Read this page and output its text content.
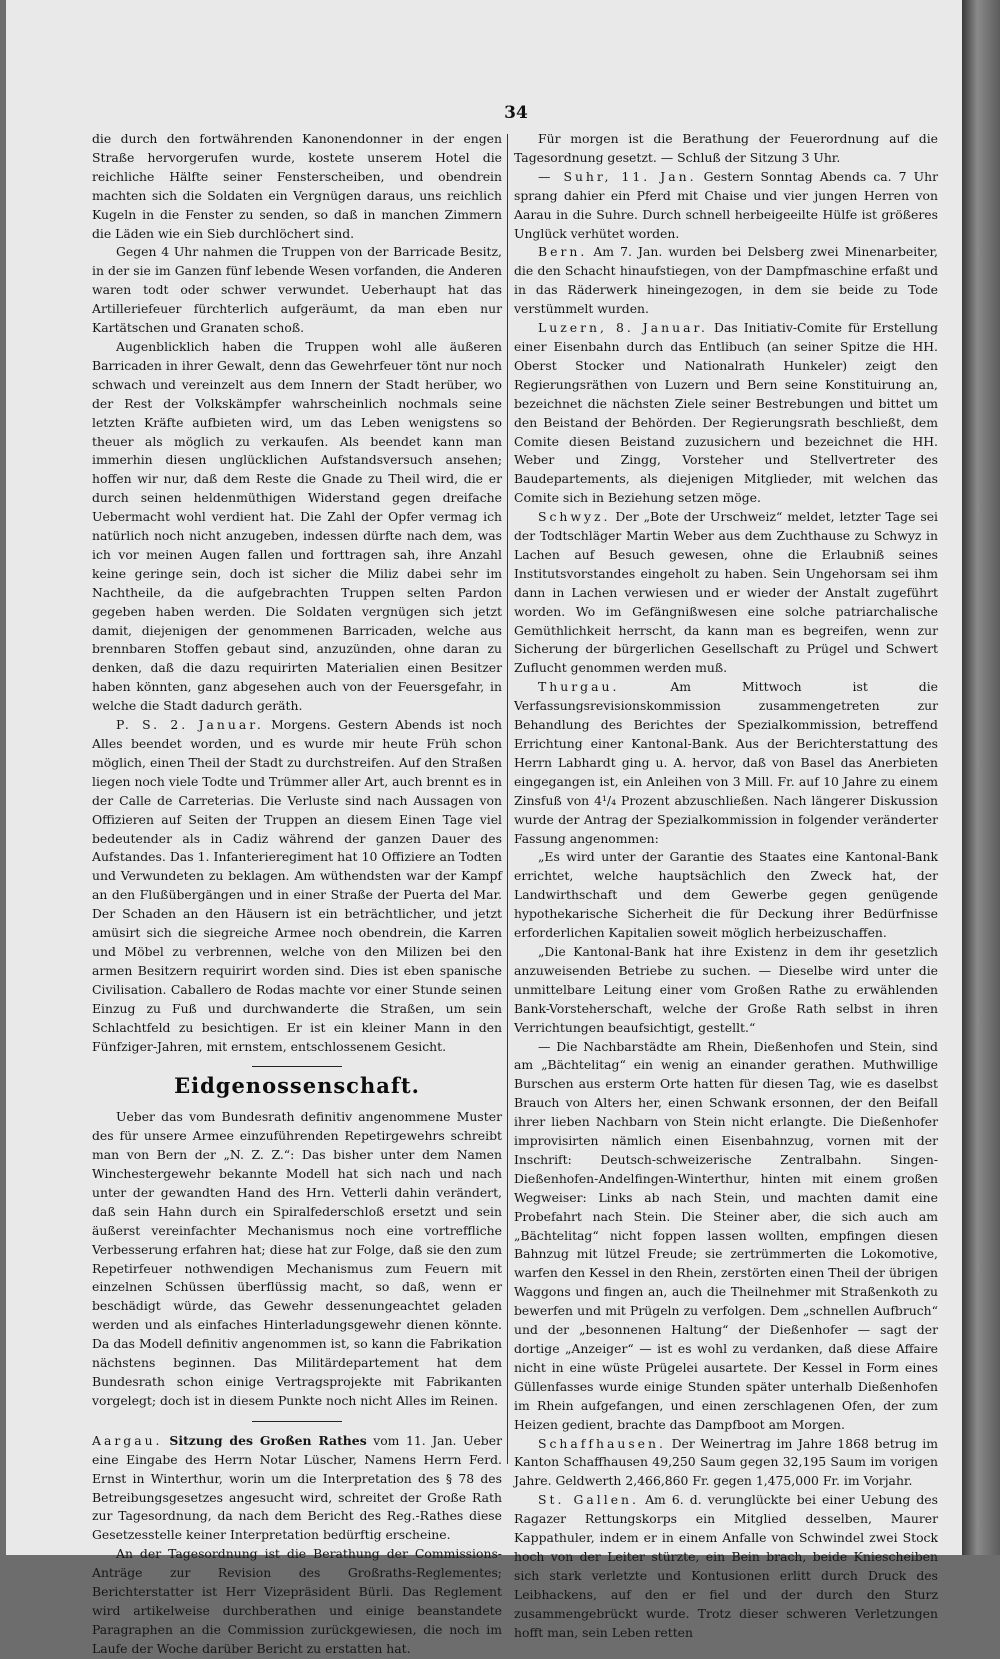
34

die durch den fortwährenden Kanonendonner in der engen Straße hervorgerufen wurde, kostete unserem Hotel die reichliche Hälfte seiner Fensterscheiben, und obendrein machten sich die Soldaten ein Vergnügen daraus, uns reichlich Kugeln in die Fenster zu senden, so daß in manchen Zimmern die Läden wie ein Sieb durchlöchert sind.

Gegen 4 Uhr nahmen die Truppen von der Barricade Besitz, in der sie im Ganzen fünf lebende Wesen vorfanden, die Anderen waren todt oder schwer verwundet. Ueberhaupt hat das Artilleriefeuer fürchterlich aufgeräumt, da man eben nur Kartätschen und Granaten schoß.

Augenblicklich haben die Truppen wohl alle äußeren Barricaden in ihrer Gewalt, denn das Gewehrfeuer tönt nur noch schwach und vereinzelt aus dem Innern der Stadt herüber, wo der Rest der Volkskämpfer wahrscheinlich nochmals seine letzten Kräfte aufbieten wird, um das Leben wenigstens so theuer als möglich zu verkaufen. Als beendet kann man immerhin diesen unglücklichen Aufstandsversuch ansehen; hoffen wir nur, daß dem Reste die Gnade zu Theil wird, die er durch seinen heldenmüthigen Widerstand gegen dreifache Uebermacht wohl verdient hat. Die Zahl der Opfer vermag ich natürlich noch nicht anzugeben, indessen dürfte nach dem, was ich vor meinen Augen fallen und forttragen sah, ihre Anzahl keine geringe sein, doch ist sicher die Miliz dabei sehr im Nachtheile, da die aufgebrachten Truppen selten Pardon gegeben haben werden. Die Soldaten vergnügen sich jetzt damit, diejenigen der genommenen Barricaden, welche aus brennbaren Stoffen gebaut sind, anzuzünden, ohne daran zu denken, daß die dazu requirirten Materialien einen Besitzer haben könnten, ganz abgesehen auch von der Feuersgefahr, in welche die Stadt dadurch geräth.

P. S. 2. Januar. Morgens. Gestern Abends ist noch Alles beendet worden, und es wurde mir heute Früh schon möglich, einen Theil der Stadt zu durchstreifen. Auf den Straßen liegen noch viele Todte und Trümmer aller Art, auch brennt es in der Calle de Carreterias. Die Verluste sind nach Aussagen von Offizieren auf Seiten der Truppen an diesem Einen Tage viel bedeutender als in Cadiz während der ganzen Dauer des Aufstandes. Das 1. Infanterieregiment hat 10 Offiziere an Todten und Verwundeten zu beklagen. Am wüthendsten war der Kampf an den Flußübergängen und in einer Straße der Puerta del Mar. Der Schaden an den Häusern ist ein beträchtlicher, und jetzt amüsirt sich die siegreiche Armee noch obendrein, die Karren und Möbel zu verbrennen, welche von den Milizen bei den armen Besitzern requirirt worden sind. Dies ist eben spanische Civilisation. Caballero de Rodas machte vor einer Stunde seinen Einzug zu Fuß und durchwanderte die Straßen, um sein Schlachtfeld zu besichtigen. Er ist ein kleiner Mann in den Fünfziger-Jahren, mit ernstem, entschlossenem Gesicht.

Eidgenossenschaft.

Ueber das vom Bundesrath definitiv angenommene Muster des für unsere Armee einzuführenden Repetirgewehrs schreibt man von Bern der „N. Z. Z.“: Das bisher unter dem Namen Winchestergewehr bekannte Modell hat sich nach und nach unter der gewandten Hand des Hrn. Vetterli dahin verändert, daß sein Hahn durch ein Spiralfederschloß ersetzt und sein äußerst vereinfachter Mechanismus noch eine vortreffliche Verbesserung erfahren hat; diese hat zur Folge, daß sie den zum Repetirfeuer nothwendigen Mechanismus zum Feuern mit einzelnen Schüssen überflüssig macht, so daß, wenn er beschädigt würde, das Gewehr dessenungeachtet geladen werden und als einfaches Hinterladungsgewehr dienen könnte. Da das Modell definitiv angenommen ist, so kann die Fabrikation nächstens beginnen. Das Militärdepartement hat dem Bundesrath schon einige Vertragsprojekte mit Fabrikanten vorgelegt; doch ist in diesem Punkte noch nicht Alles im Reinen.

Aargau. Sitzung des Großen Rathes vom 11. Jan. Ueber eine Eingabe des Herrn Notar Lüscher, Namens Herrn Ferd. Ernst in Winterthur, worin um die Interpretation des § 78 des Betreibungsgesetzes angesucht wird, schreitet der Große Rath zur Tagesordnung, da nach dem Bericht des Reg.-Rathes diese Gesetzesstelle keiner Interpretation bedürftig erscheine.

An der Tagesordnung ist die Berathung der Commissions-Anträge zur Revision des Großraths-Reglementes; Berichterstatter ist Herr Vizepräsident Bürli. Das Reglement wird artikelweise durchberathen und einige beanstandete Paragraphen an die Commission zurückgewiesen, die noch im Laufe der Woche darüber Bericht zu erstatten hat.

Für morgen ist die Berathung der Feuerordnung auf die Tagesordnung gesetzt. — Schluß der Sitzung 3 Uhr.

— Suhr, 11. Jan. Gestern Sonntag Abends ca. 7 Uhr sprang dahier ein Pferd mit Chaise und vier jungen Herren von Aarau in die Suhre. Durch schnell herbeigeeilte Hülfe ist größeres Unglück verhütet worden.

Bern. Am 7. Jan. wurden bei Delsberg zwei Minenarbeiter, die den Schacht hinaufstiegen, von der Dampfmaschine erfaßt und in das Räderwerk hineingezogen, in dem sie beide zu Tode verstümmelt wurden.

Luzern, 8. Januar. Das Initiativ-Comite für Erstellung einer Eisenbahn durch das Entlibuch (an seiner Spitze die HH. Oberst Stocker und Nationalrath Hunkeler) zeigt den Regierungsräthen von Luzern und Bern seine Konstituirung an, bezeichnet die nächsten Ziele seiner Bestrebungen und bittet um den Beistand der Behörden. Der Regierungsrath beschließt, dem Comite diesen Beistand zuzusichern und bezeichnet die HH. Weber und Zingg, Vorsteher und Stellvertreter des Baudepartements, als diejenigen Mitglieder, mit welchen das Comite sich in Beziehung setzen möge.

Schwyz. Der „Bote der Urschweiz“ meldet, letzter Tage sei der Todtschläger Martin Weber aus dem Zuchthause zu Schwyz in Lachen auf Besuch gewesen, ohne die Erlaubniß seines Institutsvorstandes eingeholt zu haben. Sein Ungehorsam sei ihm dann in Lachen verwiesen und er wieder der Anstalt zugeführt worden. Wo im Gefängnißwesen eine solche patriarchalische Gemüthlichkeit herrscht, da kann man es begreifen, wenn zur Sicherung der bürgerlichen Gesellschaft zu Prügel und Schwert Zuflucht genommen werden muß.

Thurgau. Am Mittwoch ist die Verfassungsrevisionskommission zusammengetreten zur Behandlung des Berichtes der Spezialkommission, betreffend Errichtung einer Kantonal-Bank. Aus der Berichterstattung des Herrn Labhardt ging u. A. hervor, daß von Basel das Anerbieten eingegangen ist, ein Anleihen von 3 Mill. Fr. auf 10 Jahre zu einem Zinsfuß von 4¹/₄ Prozent abzuschließen. Nach längerer Diskussion wurde der Antrag der Spezialkommission in folgender veränderter Fassung angenommen:

„Es wird unter der Garantie des Staates eine Kantonal-Bank errichtet, welche hauptsächlich den Zweck hat, der Landwirthschaft und dem Gewerbe gegen genügende hypothekarische Sicherheit die für Deckung ihrer Bedürfnisse erforderlichen Kapitalien soweit möglich herbeizuschaffen.

„Die Kantonal-Bank hat ihre Existenz in dem ihr gesetzlich anzuweisenden Betriebe zu suchen. — Dieselbe wird unter die unmittelbare Leitung einer vom Großen Rathe zu erwählenden Bank-Vorsteherschaft, welche der Große Rath selbst in ihren Verrichtungen beaufsichtigt, gestellt.“

— Die Nachbarstädte am Rhein, Dießenhofen und Stein, sind am „Bächtelitag“ ein wenig an einander gerathen. Muthwillige Burschen aus ersterm Orte hatten für diesen Tag, wie es daselbst Brauch von Alters her, einen Schwank ersonnen, der den Beifall ihrer lieben Nachbarn von Stein nicht erlangte. Die Dießenhofer improvisirten nämlich einen Eisenbahnzug, vornen mit der Inschrift: Deutsch-schweizerische Zentralbahn. Singen-Dießenhofen-Andelfingen-Winterthur, hinten mit einem großen Wegweiser: Links ab nach Stein, und machten damit eine Probefahrt nach Stein. Die Steiner aber, die sich auch am „Bächtelitag“ nicht foppen lassen wollten, empfingen diesen Bahnzug mit lützel Freude; sie zertrümmerten die Lokomotive, warfen den Kessel in den Rhein, zerstörten einen Theil der übrigen Waggons und fingen an, auch die Theilnehmer mit Straßenkoth zu bewerfen und mit Prügeln zu verfolgen. Dem „schnellen Aufbruch“ und der „besonnenen Haltung“ der Dießenhofer — sagt der dortige „Anzeiger“ — ist es wohl zu verdanken, daß diese Affaire nicht in eine wüste Prügelei ausartete. Der Kessel in Form eines Güllenfasses wurde einige Stunden später unterhalb Dießenhofen im Rhein aufgefangen, und einen zerschlagenen Ofen, der zum Heizen gedient, brachte das Dampfboot am Morgen.

Schaffhausen. Der Weinertrag im Jahre 1868 betrug im Kanton Schaffhausen 49,250 Saum gegen 32,195 Saum im vorigen Jahre. Geldwerth 2,466,860 Fr. gegen 1,475,000 Fr. im Vorjahr.

St. Gallen. Am 6. d. verunglückte bei einer Uebung des Ragazer Rettungskorps ein Mitglied desselben, Maurer Kappathuler, indem er in einem Anfalle von Schwindel zwei Stock hoch von der Leiter stürzte, ein Bein brach, beide Kniescheiben sich stark verletzte und Kontusionen erlitt durch Druck des Leibhackens, auf den er fiel und der durch den Sturz zusammengebrückt wurde. Trotz dieser schweren Verletzungen hofft man, sein Leben retten
